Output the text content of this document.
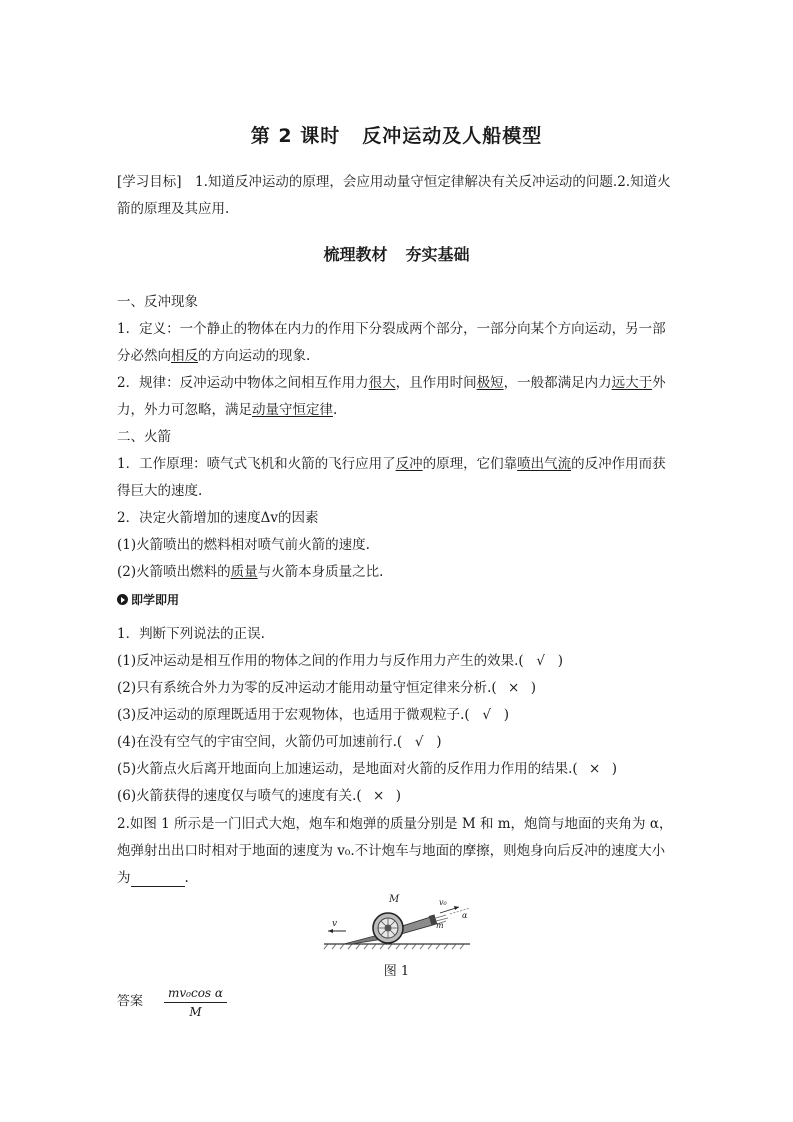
第 2 课时 反冲运动及人船模型
[学习目标]　1.知道反冲运动的原理，会应用动量守恒定律解决有关反冲运动的问题.2.知道火
箭的原理及其应用.
梳理教材 夯实基础
一、反冲现象
1．定义：一个静止的物体在内力的作用下分裂成两个部分，一部分向某个方向运动，另一部
分必然向相反的方向运动的现象.
2．规律：反冲运动中物体之间相互作用力很大，且作用时间极短，一般都满足内力远大于外
力，外力可忽略，满足动量守恒定律.
二、火箭
1．工作原理：喷气式飞机和火箭的飞行应用了反冲的原理，它们靠喷出气流的反冲作用而获
得巨大的速度.
2．决定火箭增加的速度Δv的因素
(1)火箭喷出的燃料相对喷气前火箭的速度.
(2)火箭喷出燃料的质量与火箭本身质量之比.
即学即用
1．判断下列说法的正误.
(1)反冲运动是相互作用的物体之间的作用力与反作用力产生的效果.( √ )
(2)只有系统合外力为零的反冲运动才能用动量守恒定律来分析.( × )
(3)反冲运动的原理既适用于宏观物体，也适用于微观粒子.( √ )
(4)在没有空气的宇宙空间，火箭仍可加速前行.( √ )
(5)火箭点火后离开地面向上加速运动，是地面对火箭的反作用力作用的结果.( × )
(6)火箭获得的速度仅与喷气的速度有关.( × )
2.如图 1 所示是一门旧式大炮，炮车和炮弹的质量分别是 M 和 m，炮筒与地面的夹角为 α，
炮弹射出出口时相对于地面的速度为 v₀.不计炮车与地面的摩擦，则炮身向后反冲的速度大小
为	.
M	v₀
m
α
v
图 1
答案 $\frac{\text{mv₀cos α}}{M}$
